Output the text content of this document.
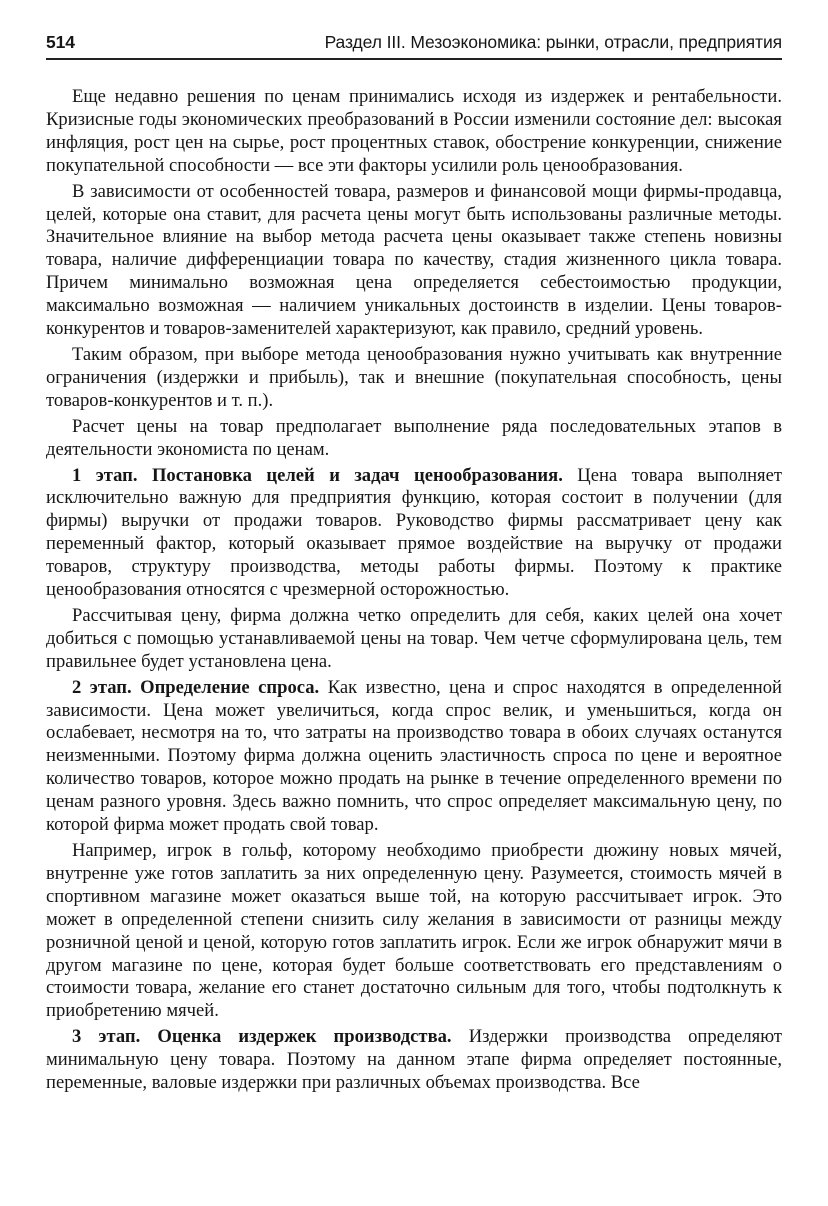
514	Раздел III. Мезоэкономика: рынки, отрасли, предприятия

Еще недавно решения по ценам принимались исходя из издержек и рентабельности. Кризисные годы экономических преобразований в России изменили состояние дел: высокая инфляция, рост цен на сырье, рост процентных ставок, обострение конкуренции, снижение покупательной способности — все эти факторы усилили роль ценообразования.

В зависимости от особенностей товара, размеров и финансовой мощи фирмы-продавца, целей, которые она ставит, для расчета цены могут быть использованы различные методы. Значительное влияние на выбор метода расчета цены оказывает также степень новизны товара, наличие дифференциации товара по качеству, стадия жизненного цикла товара. Причем минимально возможная цена определяется себестоимостью продукции, максимально возможная — наличием уникальных достоинств в изделии. Цены товаров-конкурентов и товаров-заменителей характеризуют, как правило, средний уровень.

Таким образом, при выборе метода ценообразования нужно учитывать как внутренние ограничения (издержки и прибыль), так и внешние (покупательная способность, цены товаров-конкурентов и т. п.).

Расчет цены на товар предполагает выполнение ряда последовательных этапов в деятельности экономиста по ценам.

1 этап. Постановка целей и задач ценообразования. Цена товара выполняет исключительно важную для предприятия функцию, которая состоит в получении (для фирмы) выручки от продажи товаров. Руководство фирмы рассматривает цену как переменный фактор, который оказывает прямое воздействие на выручку от продажи товаров, структуру производства, методы работы фирмы. Поэтому к практике ценообразования относятся с чрезмерной осторожностью.

Рассчитывая цену, фирма должна четко определить для себя, каких целей она хочет добиться с помощью устанавливаемой цены на товар. Чем четче сформулирована цель, тем правильнее будет установлена цена.

2 этап. Определение спроса. Как известно, цена и спрос находятся в определенной зависимости. Цена может увеличиться, когда спрос велик, и уменьшиться, когда он ослабевает, несмотря на то, что затраты на производство товара в обоих случаях останутся неизменными. Поэтому фирма должна оценить эластичность спроса по цене и вероятное количество товаров, которое можно продать на рынке в течение определенного времени по ценам разного уровня. Здесь важно помнить, что спрос определяет максимальную цену, по которой фирма может продать свой товар.

Например, игрок в гольф, которому необходимо приобрести дюжину новых мячей, внутренне уже готов заплатить за них определенную цену. Разумеется, стоимость мячей в спортивном магазине может оказаться выше той, на которую рассчитывает игрок. Это может в определенной степени снизить силу желания в зависимости от разницы между розничной ценой и ценой, которую готов заплатить игрок. Если же игрок обнаружит мячи в другом магазине по цене, которая будет больше соответствовать его представлениям о стоимости товара, желание его станет достаточно сильным для того, чтобы подтолкнуть к приобретению мячей.

3 этап. Оценка издержек производства. Издержки производства определяют минимальную цену товара. Поэтому на данном этапе фирма определяет постоянные, переменные, валовые издержки при различных объемах производства. Все
